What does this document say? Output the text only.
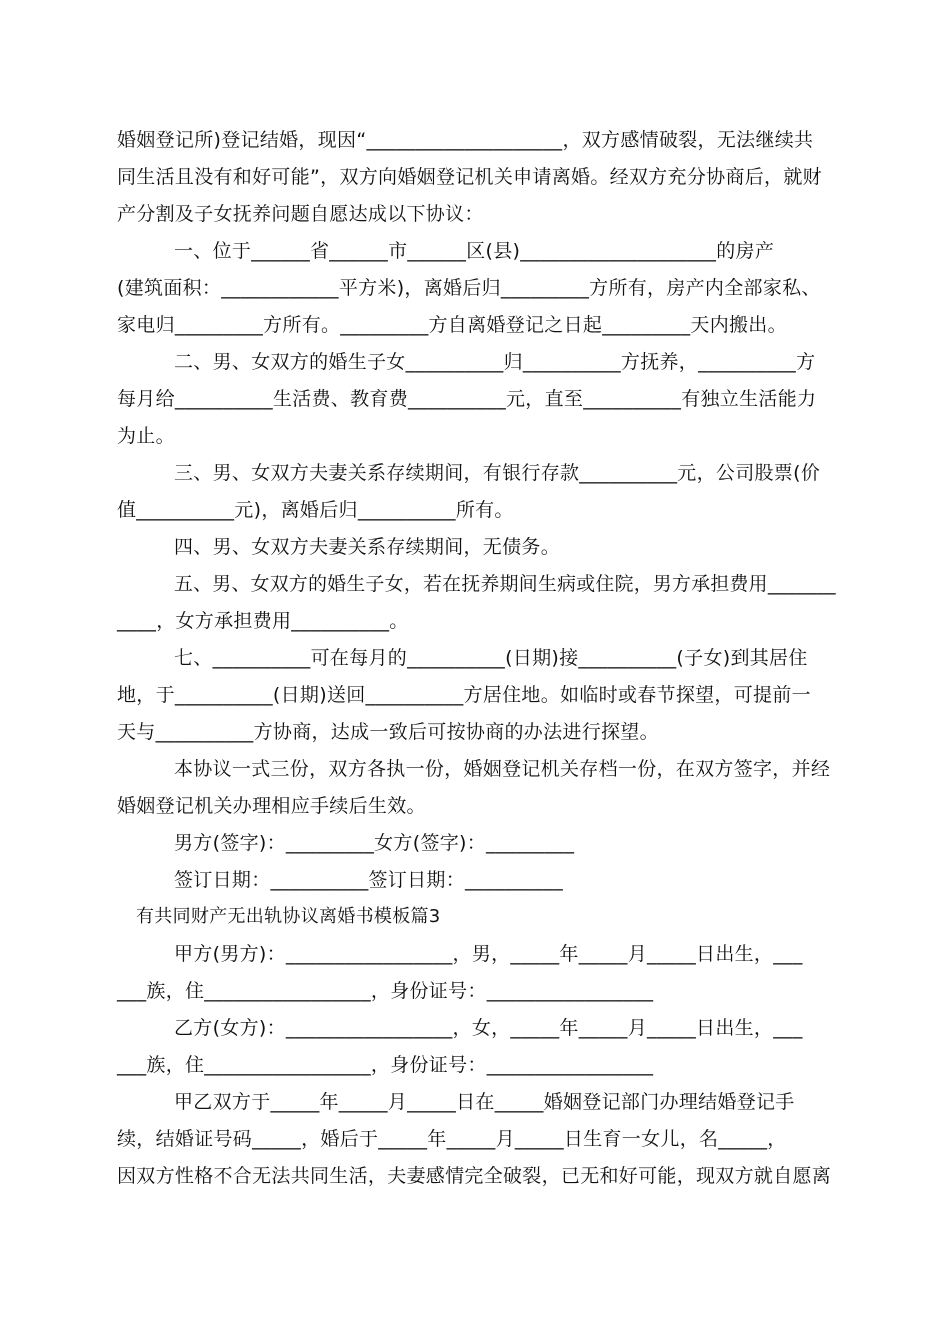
婚姻登记所)登记结婚，现因“____________________，双方感情破裂，无法继续共
同生活且没有和好可能”，双方向婚姻登记机关申请离婚。经双方充分协商后，就财
产分割及子女抚养问题自愿达成以下协议：
一、位于______省______市______区(县)____________________的房产
(建筑面积：____________平方米)，离婚后归_________方所有，房产内全部家私、
家电归_________方所有。_________方自离婚登记之日起_________天内搬出。
二、男、女双方的婚生子女__________归__________方抚养，__________方
每月给__________生活费、教育费__________元，直至__________有独立生活能力
为止。
三、男、女双方夫妻关系存续期间，有银行存款__________元，公司股票(价
值__________元)，离婚后归__________所有。
四、男、女双方夫妻关系存续期间，无债务。
五、男、女双方的婚生子女，若在抚养期间生病或住院，男方承担费用_______
____，女方承担费用__________。
七、__________可在每月的__________(日期)接__________(子女)到其居住
地，于__________(日期)送回__________方居住地。如临时或春节探望，可提前一
天与__________方协商，达成一致后可按协商的办法进行探望。
本协议一式三份，双方各执一份，婚姻登记机关存档一份，在双方签字，并经
婚姻登记机关办理相应手续后生效。
男方(签字)：_________女方(签字)：_________
签订日期：__________签订日期：__________
有共同财产无出轨协议离婚书模板篇3
甲方(男方)：_________________，男，_____年_____月_____日出生，___
___族，住_________________，身份证号：_________________
乙方(女方)：_________________，女，_____年_____月_____日出生，___
___族，住_________________，身份证号：_________________
甲乙双方于_____年_____月_____日在_____婚姻登记部门办理结婚登记手
续，结婚证号码_____，婚后于_____年_____月_____日生育一女儿，名_____，
因双方性格不合无法共同生活，夫妻感情完全破裂，已无和好可能，现双方就自愿离
